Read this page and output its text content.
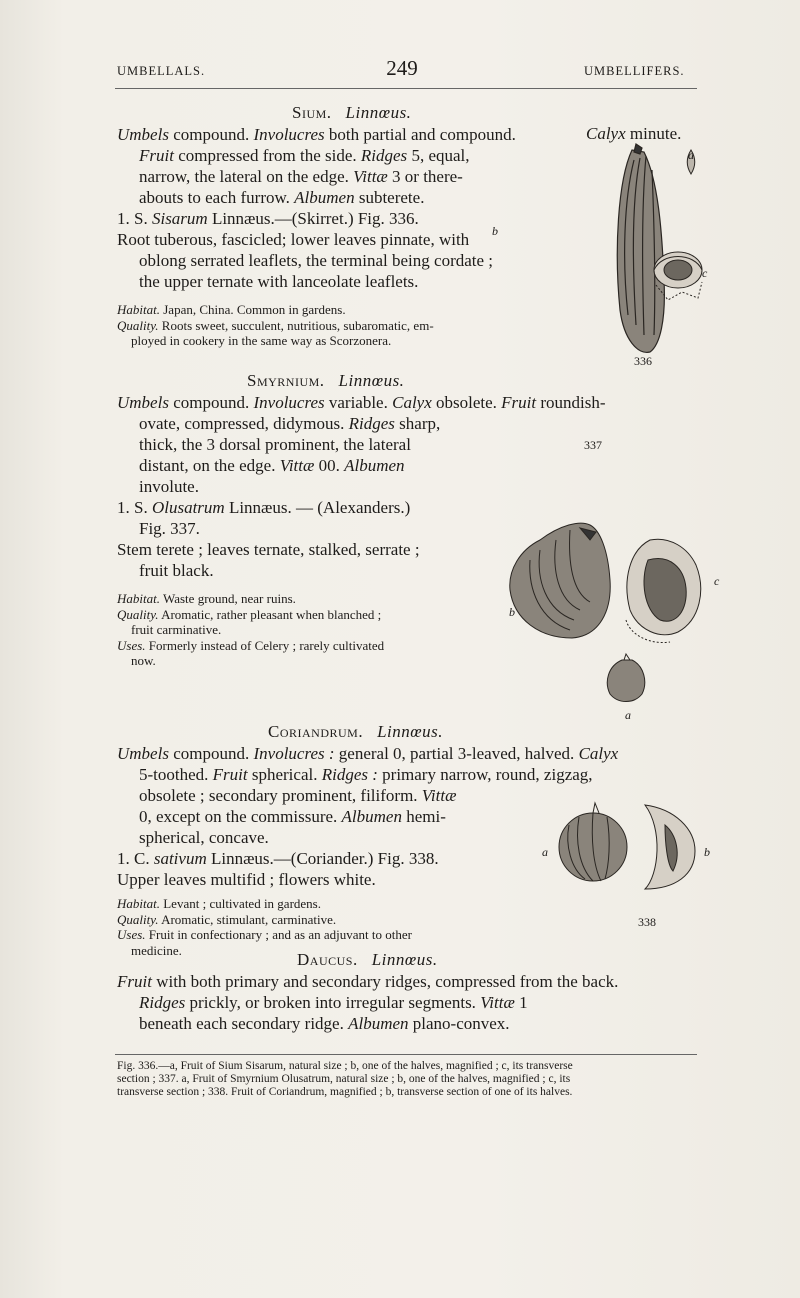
UMBELLALS.	249	UMBELLIFERS.
Sium. Linnœus.

Umbels compound. Involucres both partial and compound.

Fruit compressed from the side. Ridges 5, equal,

narrow, the lateral on the edge. Vittæ 3 or there-

abouts to each furrow. Albumen subterete.

1. S. Sisarum Linnæus.—(Skirret.) Fig. 336.

Root tuberous, fascicled; lower leaves pinnate, with

oblong serrated leaflets, the terminal being cordate ;

the upper ternate with lanceolate leaflets.

Habitat. Japan, China. Common in gardens.

Quality. Roots sweet, succulent, nutritious, subaromatic, em-

ployed in cookery in the same way as Scorzonera.

Calyx minute.
a
b
c
336
Smyrnium. Linnœus.

Umbels compound. Involucres variable. Calyx obsolete. Fruit roundish-

ovate, compressed, didymous. Ridges sharp,

thick, the 3 dorsal prominent, the lateral

distant, on the edge. Vittæ 00. Albumen

involute.

1. S. Olusatrum Linnæus. — (Alexanders.)

Fig. 337.

Stem terete ; leaves ternate, stalked, serrate ;

fruit black.

Habitat. Waste ground, near ruins.

Quality. Aromatic, rather pleasant when blanched ;

fruit carminative.

Uses. Formerly instead of Celery ; rarely cultivated

now.

337
c
b
a
Coriandrum. Linnœus.

Umbels compound. Involucres : general 0, partial 3-leaved, halved. Calyx

5-toothed. Fruit spherical. Ridges : primary narrow, round, zigzag,

obsolete ; secondary prominent, filiform. Vittæ

0, except on the commissure. Albumen hemi-

spherical, concave.

1. C. sativum Linnæus.—(Coriander.) Fig. 338.

Upper leaves multifid ; flowers white.

Habitat. Levant ; cultivated in gardens.

Quality. Aromatic, stimulant, carminative.

Uses. Fruit in confectionary ; and as an adjuvant to other

medicine.

a	b
338
Daucus. Linnœus.

Fruit with both primary and secondary ridges, compressed from the back.

Ridges prickly, or broken into irregular segments. Vittæ 1

beneath each secondary ridge. Albumen plano-convex.

Fig. 336.—a, Fruit of Sium Sisarum, natural size ; b, one of the halves, magnified ; c, its transverse

section ; 337. a, Fruit of Smyrnium Olusatrum, natural size ; b, one of the halves, magnified ; c, its

transverse section ; 338. Fruit of Coriandrum, magnified ; b, transverse section of one of its halves.
